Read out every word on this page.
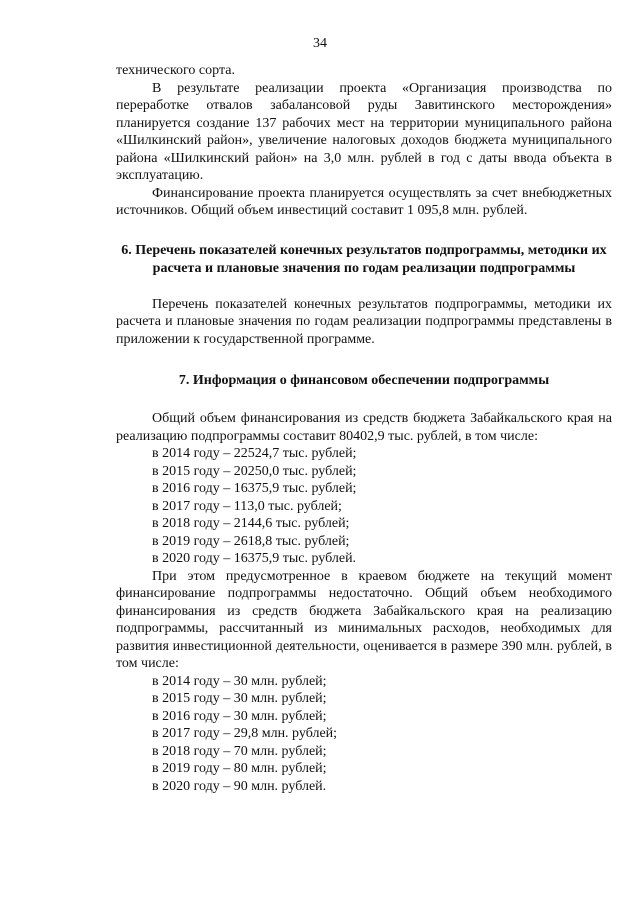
34

технического сорта.

В результате реализации проекта «Организация производства по переработке отвалов забалансовой руды Завитинского месторождения» планируется создание 137 рабочих мест на территории муниципального района «Шилкинский район», увеличение налоговых доходов бюджета муниципального района «Шилкинский район» на 3,0 млн. рублей в год с даты ввода объекта в эксплуатацию.

Финансирование проекта планируется осуществлять за счет внебюджетных источников. Общий объем инвестиций составит 1 095,8 млн. рублей.

6. Перечень показателей конечных результатов подпрограммы, методики их расчета и плановые значения по годам реализации подпрограммы

Перечень показателей конечных результатов подпрограммы, методики их расчета и плановые значения по годам реализации подпрограммы представлены в приложении к государственной программе.

7. Информация о финансовом обеспечении подпрограммы

Общий объем финансирования из средств бюджета Забайкальского края на реализацию подпрограммы составит 80402,9 тыс. рублей, в том числе:

в 2014 году – 22524,7 тыс. рублей;
в 2015 году – 20250,0 тыс. рублей;
в 2016 году – 16375,9 тыс. рублей;
в 2017 году – 113,0 тыс. рублей;
в 2018 году – 2144,6 тыс. рублей;
в 2019 году – 2618,8 тыс. рублей;
в 2020 году – 16375,9 тыс. рублей.

При этом предусмотренное в краевом бюджете на текущий момент финансирование подпрограммы недостаточно. Общий объем необходимого финансирования из средств бюджета Забайкальского края на реализацию подпрограммы, рассчитанный из минимальных расходов, необходимых для развития инвестиционной деятельности, оценивается в размере 390 млн. рублей, в том числе:

в 2014 году – 30 млн. рублей;
в 2015 году – 30 млн. рублей;
в 2016 году – 30 млн. рублей;
в 2017 году – 29,8 млн. рублей;
в 2018 году – 70 млн. рублей;
в 2019 году – 80 млн. рублей;
в 2020 году – 90 млн. рублей.
